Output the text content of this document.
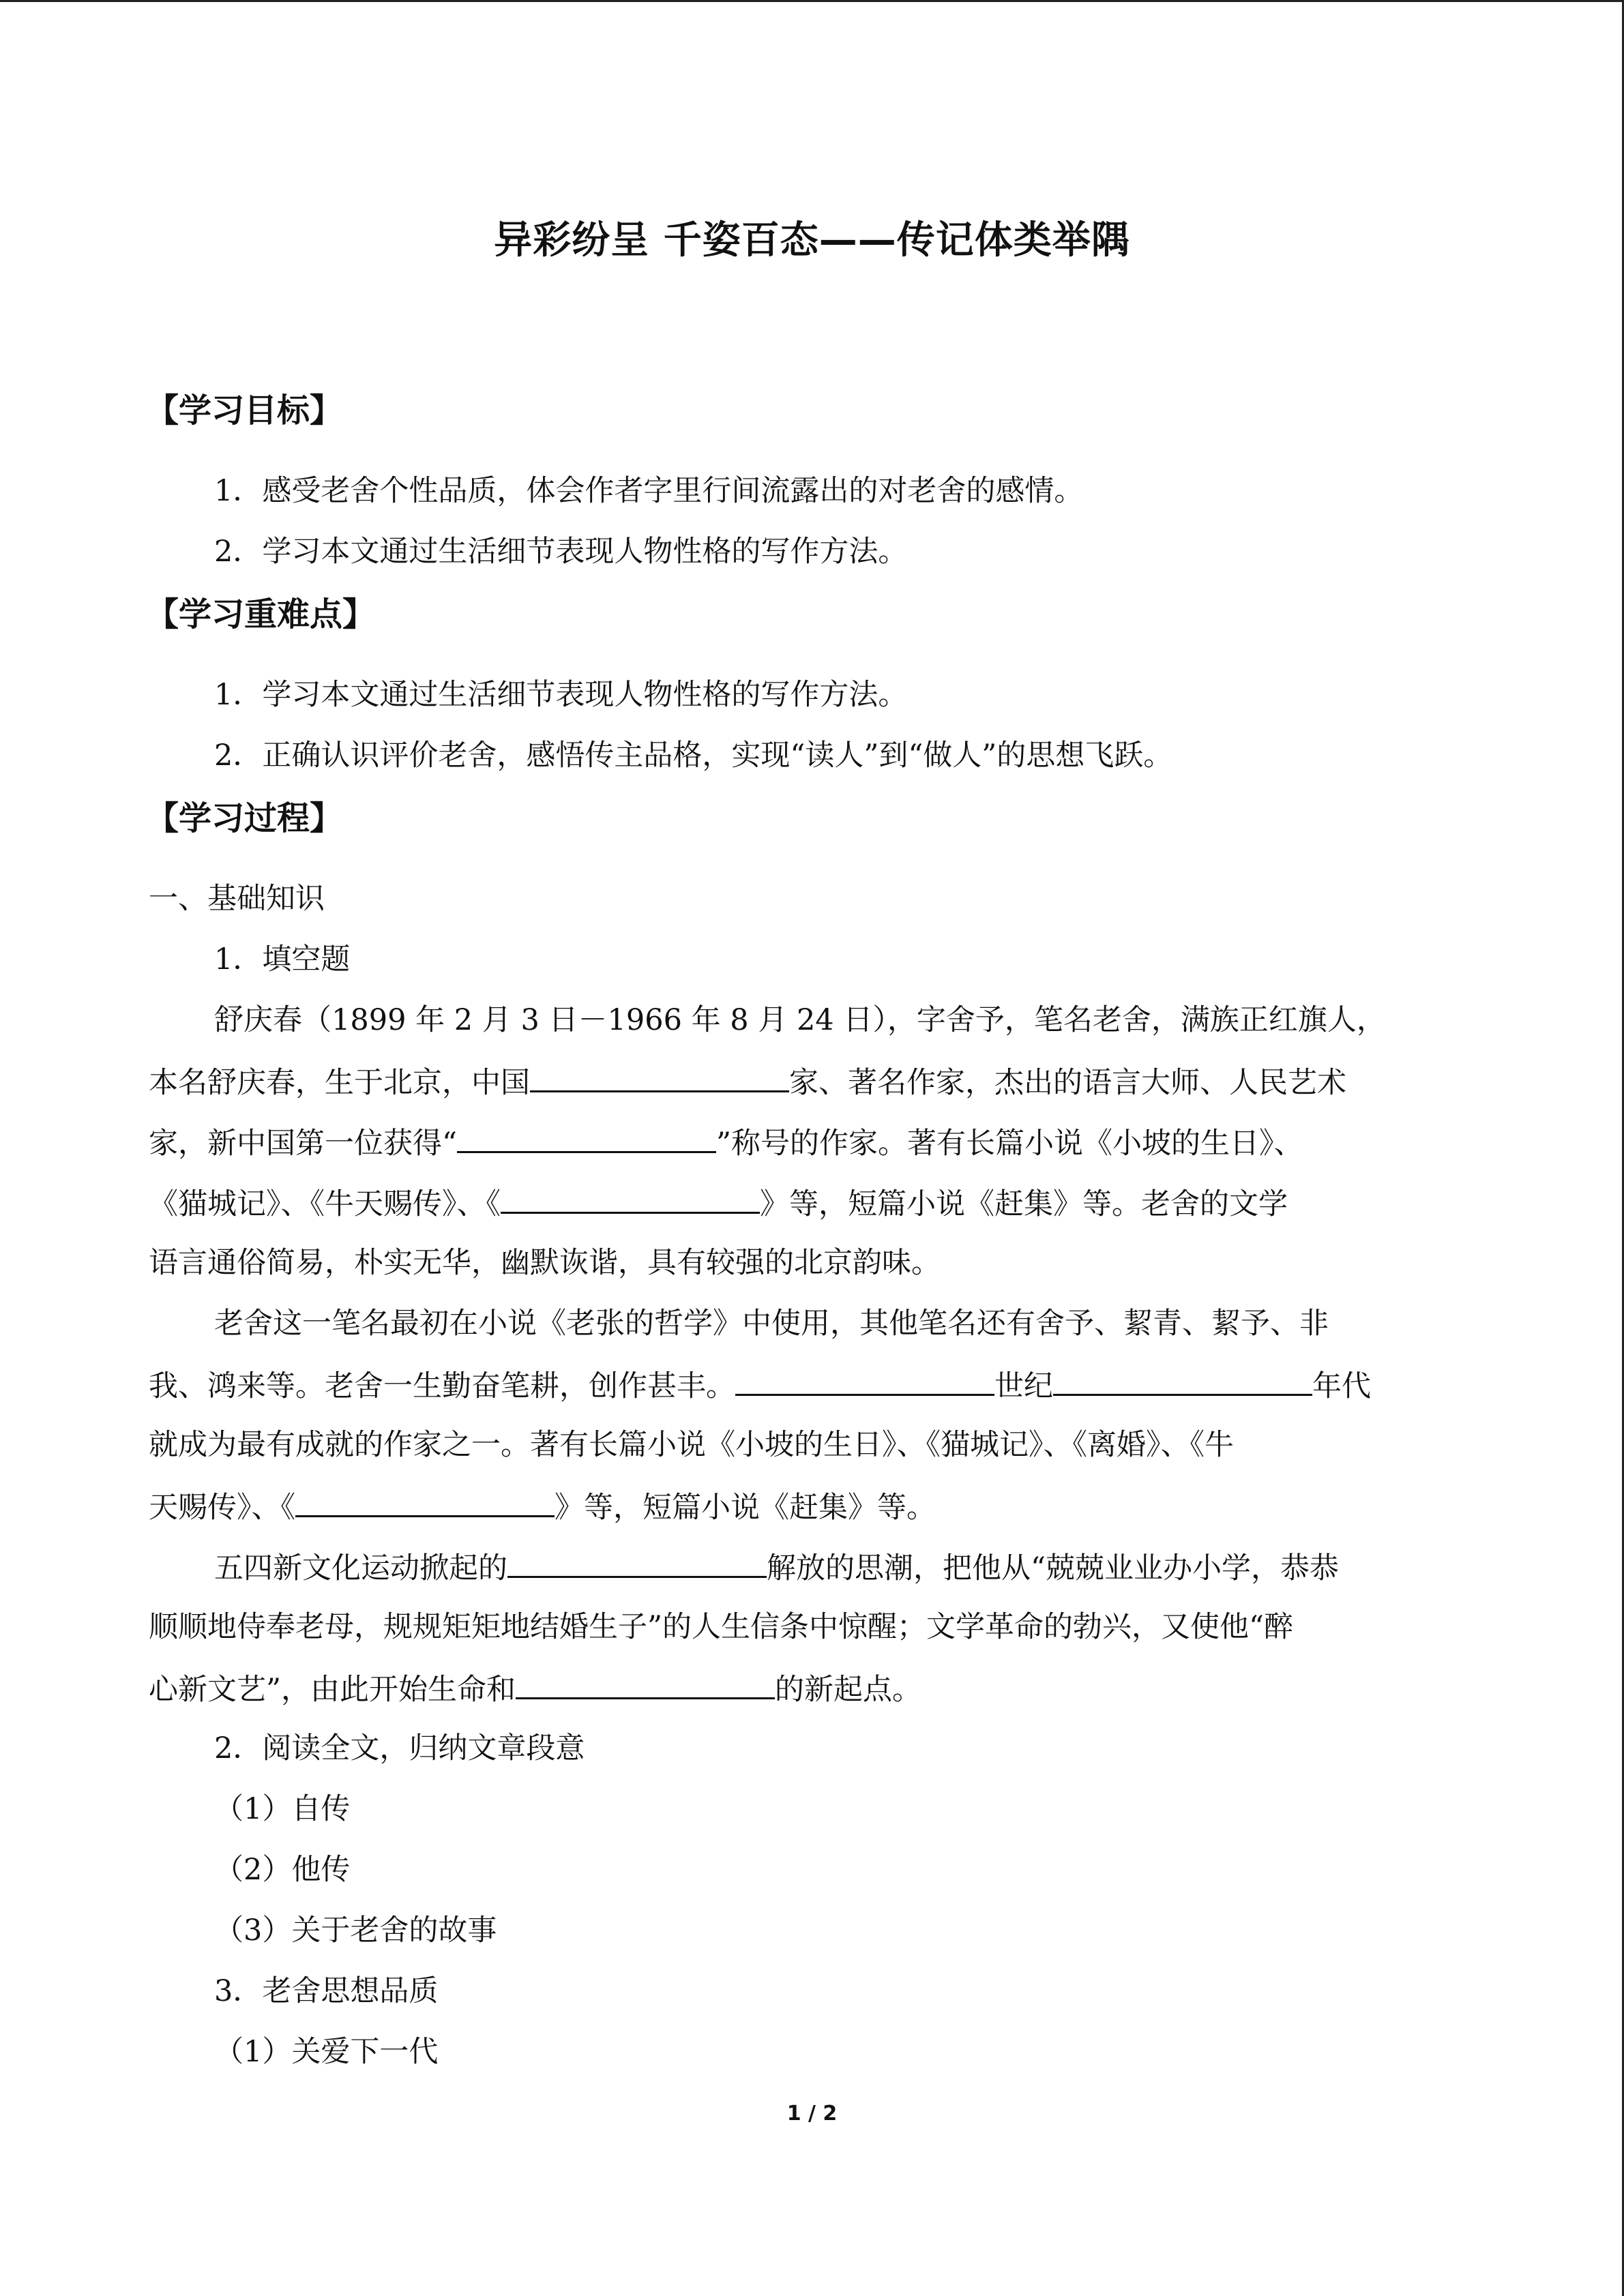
异彩纷呈 千姿百态——传记体类举隅
【学习目标】
1．感受老舍个性品质，体会作者字里行间流露出的对老舍的感情。
2．学习本文通过生活细节表现人物性格的写作方法。
【学习重难点】
1．学习本文通过生活细节表现人物性格的写作方法。
2．正确认识评价老舍，感悟传主品格，实现“读人”到“做人”的思想飞跃。
【学习过程】
一、基础知识
1．填空题
舒庆春（1899 年 2 月 3 日－1966 年 8 月 24 日），字舍予，笔名老舍，满族正红旗人，
本名舒庆春，生于北京，中国	家、著名作家，杰出的语言大师、人民艺术
家，新中国第一位获得“	”称号的作家。著有长篇小说《小坡的生日》、
《猫城记》、《牛天赐传》、《	》等，短篇小说《赶集》等。老舍的文学
语言通俗简易，朴实无华，幽默诙谐，具有较强的北京韵味。
老舍这一笔名最初在小说《老张的哲学》中使用，其他笔名还有舍予、絜青、絜予、非
我、鸿来等。老舍一生勤奋笔耕，创作甚丰。	世纪	年代
就成为最有成就的作家之一。著有长篇小说《小坡的生日》、《猫城记》、《离婚》、《牛
天赐传》、《	》等，短篇小说《赶集》等。
五四新文化运动掀起的	解放的思潮，把他从“兢兢业业办小学，恭恭
顺顺地侍奉老母，规规矩矩地结婚生子”的人生信条中惊醒；文学革命的勃兴，又使他“醉
心新文艺”，由此开始生命和	的新起点。
2．阅读全文，归纳文章段意
（1）自传
（2）他传
（3）关于老舍的故事
3．老舍思想品质
（1）关爱下一代
1 / 2
